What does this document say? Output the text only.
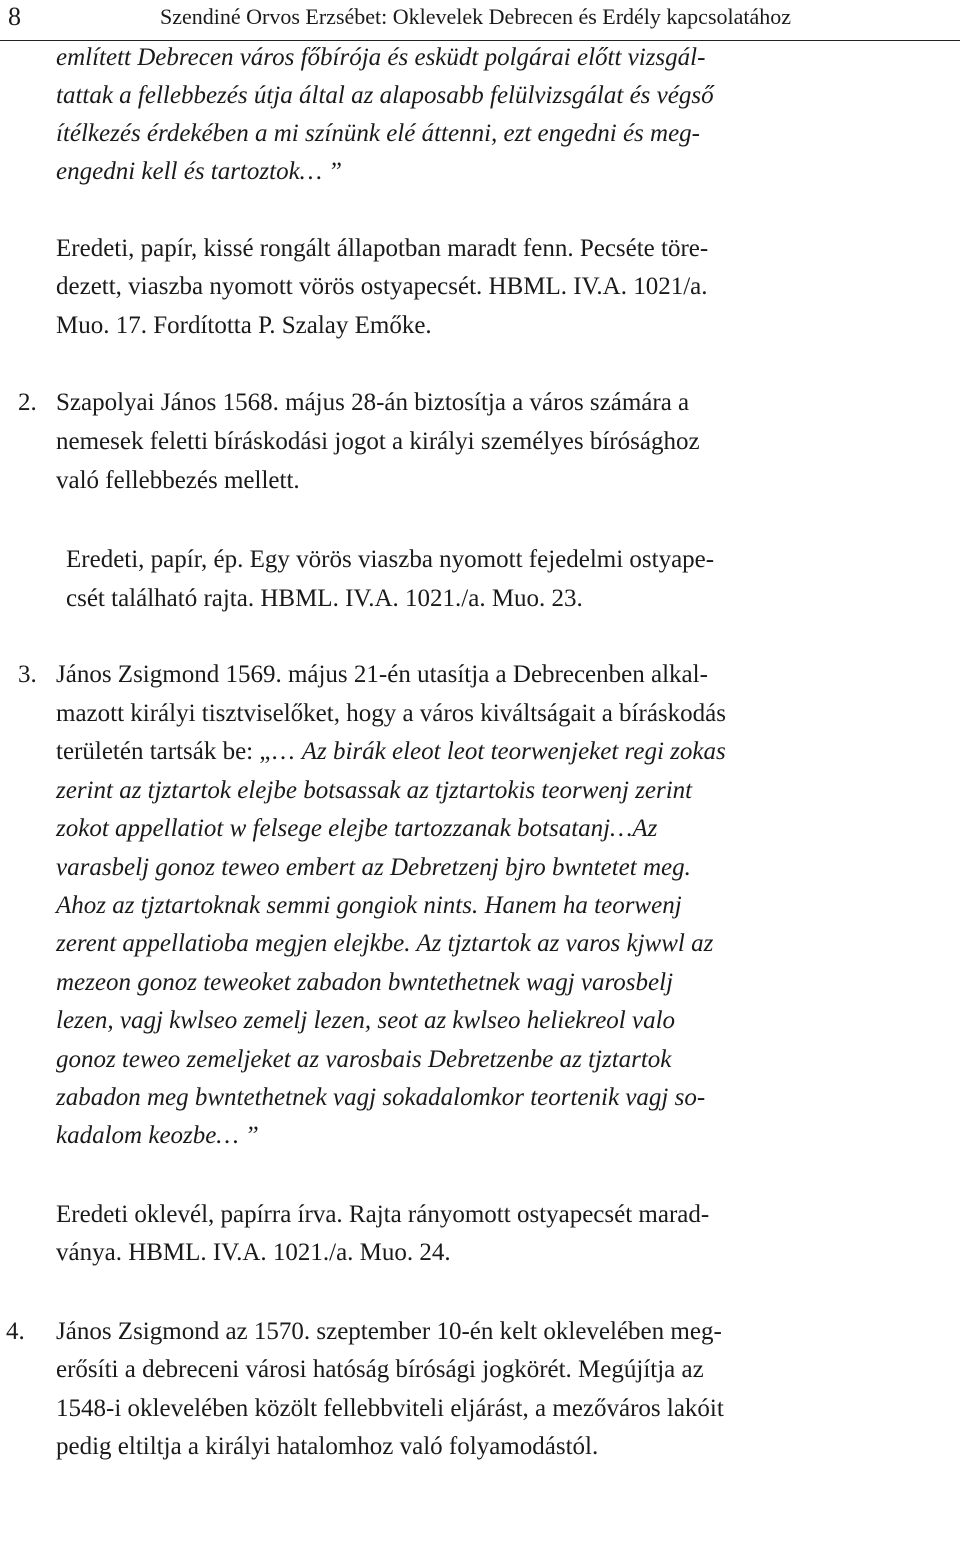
8	Szendiné Orvos Erzsébet: Oklevelek Debrecen és Erdély kapcsolatához
említett Debrecen város főbírója és esküdt polgárai előtt vizsgál-
tattak a fellebbezés útja által az alaposabb felülvizsgálat és végső
ítélkezés érdekében a mi színünk elé áttenni, ezt engedni és meg-
engedni kell és tartoztok… ”
Eredeti, papír, kissé rongált állapotban maradt fenn. Pecséte töre-
dezett, viaszba nyomott vörös ostyapecsét. HBML. IV.A. 1021/a.
Muo. 17. Fordította P. Szalay Emőke.
2. Szapolyai János 1568. május 28-án biztosítja a város számára a
nemesek feletti bíráskodási jogot a királyi személyes bírósághoz
való fellebbezés mellett.
Eredeti, papír, ép. Egy vörös viaszba nyomott fejedelmi ostyape-
csét található rajta. HBML. IV.A. 1021./a. Muo. 23.
3. János Zsigmond 1569. május 21-én utasítja a Debrecenben alkal-
mazott királyi tisztviselőket, hogy a város kiváltságait a bíráskodás
területén tartsák be: „… Az birák eleot leot teorwenjeket regi zokas
zerint az tjztartok elejbe botsassak az tjztartokis teorwenj zerint
zokot appellatiot w felsege elejbe tartozzanak botsatanj…Az
varasbelj gonoz teweo embert az Debretzenj bjro bwntetet meg.
Ahoz az tjztartoknak semmi gongiok nints. Hanem ha teorwenj
zerent appellatioba megjen elejkbe. Az tjztartok az varos kjwwl az
mezeon gonoz teweoket zabadon bwntethetnek wagj varosbelj
lezen, vagj kwlseo zemelj lezen, seot az kwlseo heliekreol valo
gonoz teweo zemeljeket az varosbais Debretzenbe az tjztartok
zabadon meg bwntethetnek vagj sokadalomkor teortenik vagj so-
kadalom keozbe… ”
Eredeti oklevél, papírra írva. Rajta rányomott ostyapecsét marad-
ványa. HBML. IV.A. 1021./a. Muo. 24.
4. János Zsigmond az 1570. szeptember 10-én kelt oklevelében meg-
erősíti a debreceni városi hatóság bírósági jogkörét. Megújítja az
1548-i oklevelében közölt fellebbviteli eljárást, a mezőváros lakóit
pedig eltiltja a királyi hatalomhoz való folyamodástól.
